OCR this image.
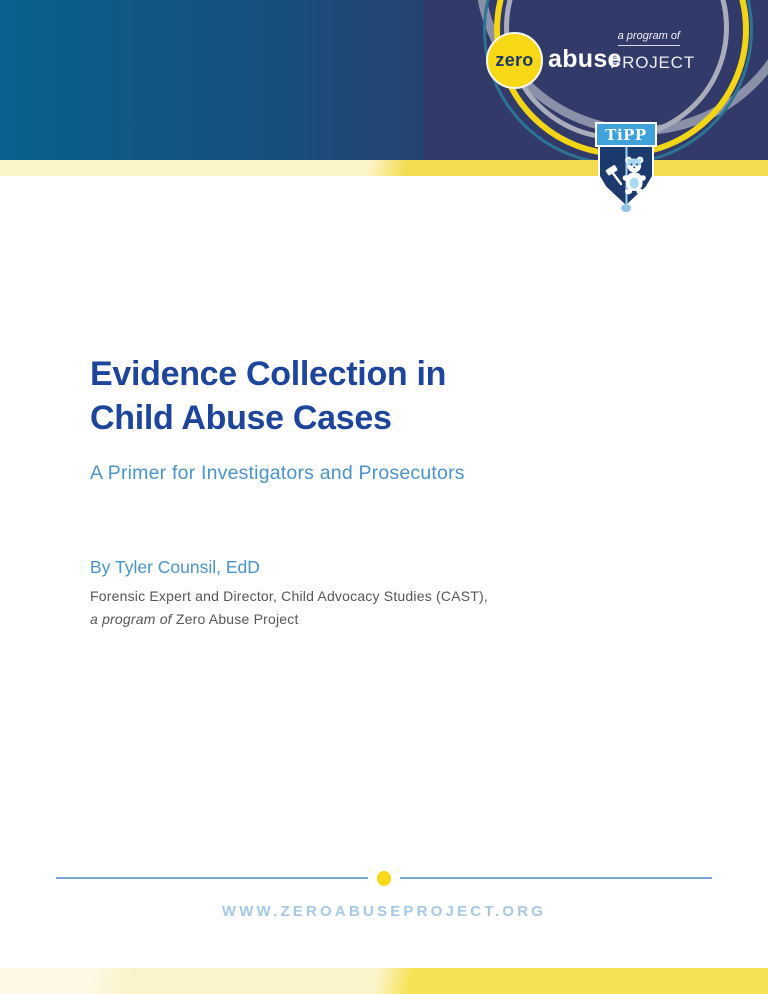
a program of
zero abuse
PROJECT
TiPP
Evidence Collection in
Child Abuse Cases
A Primer for Investigators and Prosecutors
By Tyler Counsil, EdD
Forensic Expert and Director, Child Advocacy Studies (CAST),
a program of Zero Abuse Project
WWW.ZEROABUSEPROJECT.ORG
